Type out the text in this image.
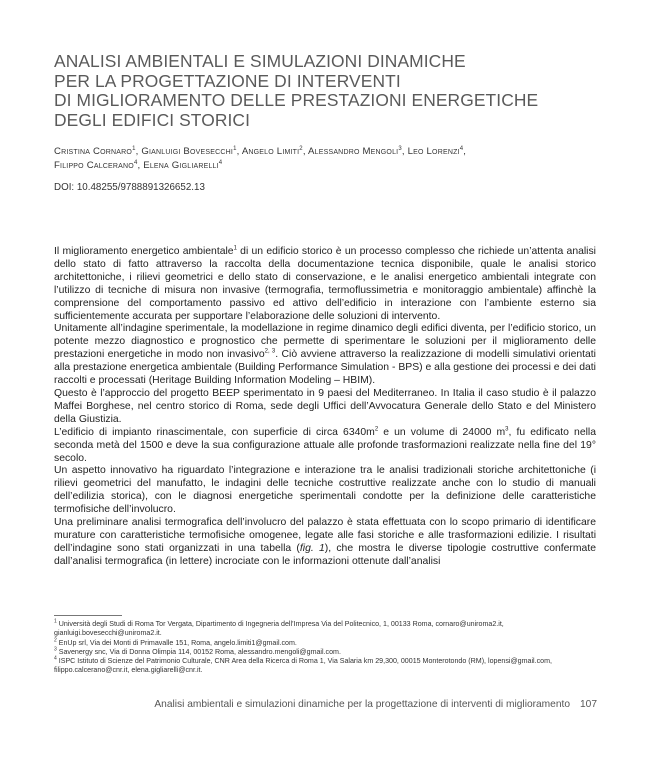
ANALISI AMBIENTALI E SIMULAZIONI DINAMICHE
PER LA PROGETTAZIONE DI INTERVENTI
DI MIGLIORAMENTO DELLE PRESTAZIONI ENERGETICHE
DEGLI EDIFICI STORICI
Cristina Cornaro$^1$, Gianluigi Bovesecchi$^1$, Angelo Limiti$^2$, Alessandro Mengoli$^3$, Leo Lorenzi$^4$,
Filippo Calcerano$^4$, Elena Gigliarelli$^4$
DOI: 10.48255/9788891326652.13

Il miglioramento energetico ambientale$^1$ di un edificio storico è un processo complesso che richiede un’attenta analisi dello stato di fatto attraverso la raccolta della documentazione tecnica disponibile, quale le analisi storico architettoniche, i rilievi geometrici e dello stato di conservazione, e le analisi energetico ambientali integrate con l’utilizzo di tecniche di misura non invasive (termografia, termoflussimetria e monitoraggio ambientale) affinchè la comprensione del comportamento passivo ed attivo dell’edificio in interazione con l’ambiente esterno sia sufficientemente accurata per supportare l’elaborazione delle soluzioni di intervento.

Unitamente all’indagine sperimentale, la modellazione in regime dinamico degli edifici diventa, per l’edificio storico, un potente mezzo diagnostico e prognostico che permette di sperimentare le soluzioni per il miglioramento delle prestazioni energetiche in modo non invasivo$^{2, 3}$. Ciò avviene attraverso la realizzazione di modelli simulativi orientati alla prestazione energetica ambientale (Building Performance Simulation - BPS) e alla gestione dei processi e dei dati raccolti e processati (Heritage Building Information Modeling – HBIM).

Questo è l’approccio del progetto BEEP sperimentato in 9 paesi del Mediterraneo. In Italia il caso studio è il palazzo Maffei Borghese, nel centro storico di Roma, sede degli Uffici dell’Avvocatura Generale dello Stato e del Ministero della Giustizia.

L’edificio di impianto rinascimentale, con superficie di circa $6340m^2$ e un volume di 24000 $m^3$, fu edificato nella seconda metà del 1500 e deve la sua configurazione attuale alle profonde trasformazioni realizzate nella fine del 19° secolo.

Un aspetto innovativo ha riguardato l’integrazione e interazione tra le analisi tradizionali storiche architettoniche (i rilievi geometrici del manufatto, le indagini delle tecniche costruttive realizzate anche con lo studio di manuali dell’edilizia storica), con le diagnosi energetiche sperimentali condotte per la definizione delle caratteristiche termofisiche dell’involucro.

Una preliminare analisi termografica dell’involucro del palazzo è stata effettuata con lo scopo primario di identificare murature con caratteristiche termofisiche omogenee, legate alle fasi storiche e alle trasformazioni edilizie. I risultati dell’indagine sono stati organizzati in una tabella (fig. 1), che mostra le diverse tipologie costruttive confermate dall’analisi termografica (in lettere) incrociate con le informazioni ottenute dall’analisi

$^1$ Università degli Studi di Roma Tor Vergata, Dipartimento di Ingegneria dell’Impresa Via del Politecnico, 1, 00133 Roma, cornaro@uniroma2.it, gianluigi.bovesecchi@uniroma2.it.

$^2$ EnUp srl, Via dei Monti di Primavalle 151, Roma, angelo.limiti1@gmail.com.

$^3$ Savenergy snc, Via di Donna Olimpia 114, 00152 Roma, alessandro.mengoli@gmail.com.

$^4$ ISPC Istituto di Scienze del Patrimonio Culturale, CNR Area della Ricerca di Roma 1, Via Salaria km 29,300, 00015 Monterotondo (RM), lopensi@gmail.com, filippo.calcerano@cnr.it, elena.gigliarelli@cnr.it.

Analisi ambientali e simulazioni dinamiche per la progettazione di interventi di miglioramento 107
